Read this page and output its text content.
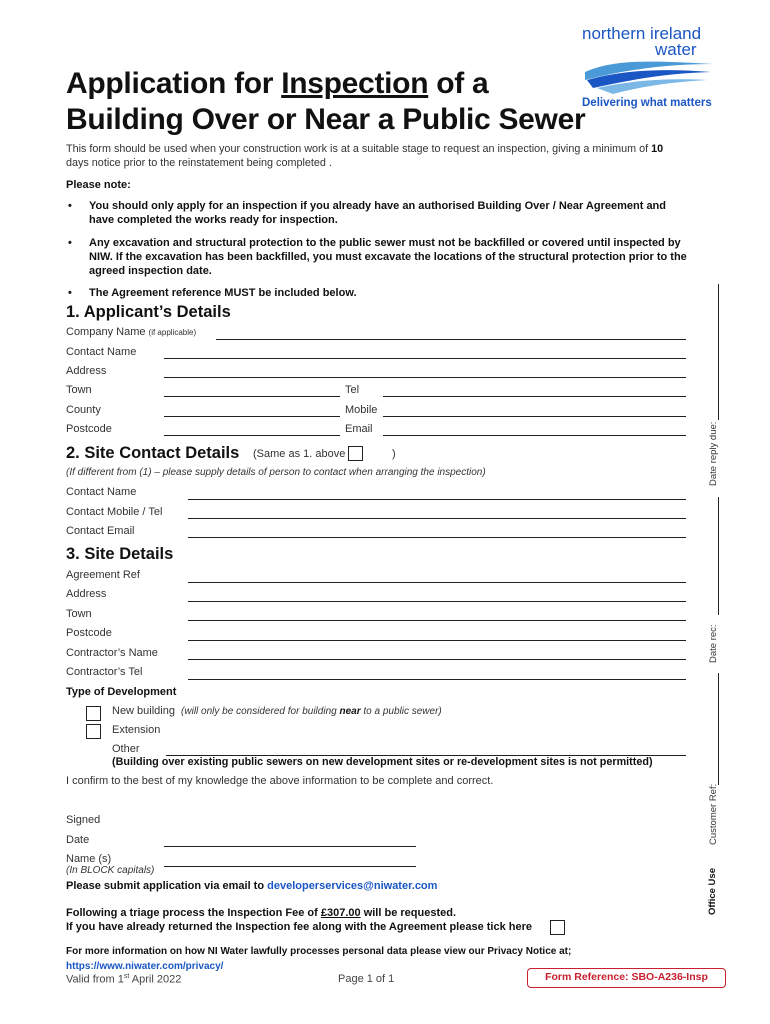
northern ireland
water
Delivering what matters
Application for Inspection of a
Building Over or Near a Public Sewer
This form should be used when your construction work is at a suitable stage to request an inspection, giving a minimum of 10
days notice prior to the reinstatement being completed .
Please note:
• You should only apply for an inspection if you already have an authorised Building Over / Near Agreement and
have completed the works ready for inspection.
• Any excavation and structural protection to the public sewer must not be backfilled or covered until inspected by
NIW. If the excavation has been backfilled, you must excavate the locations of the structural protection prior to the
agreed inspection date.
• The Agreement reference MUST be included below.
1. Applicant’s Details
Company Name (if applicable)
Contact Name
Address
Town	Tel
County	Mobile
Postcode	Email
2. Site Contact Details (Same as 1. above	)
(If different from (1) – please supply details of person to contact when arranging the inspection)
Contact Name
Contact Mobile / Tel
Contact Email
3. Site Details
Agreement Ref
Address
Town
Postcode
Contractor’s Name
Contractor’s Tel
Type of Development
New building (will only be considered for building near to a public sewer)
Extension
Other
(Building over existing public sewers on new development sites or re-development sites is not permitted)
I confirm to the best of my knowledge the above information to be complete and correct.
Signed
Date
Name (s)
(In BLOCK capitals)
Please submit application via email to developerservices@niwater.com
Following a triage process the Inspection Fee of £307.00 will be requested.
If you have already returned the Inspection fee along with the Agreement please tick here
For more information on how NI Water lawfully processes personal data please view our Privacy Notice at;
https://www.niwater.com/privacy/
Valid from 1st April 2022	Page 1 of 1	Form Reference: SBO-A236-Insp
Date reply due:
Date rec:
Customer Ref:
Office Use
